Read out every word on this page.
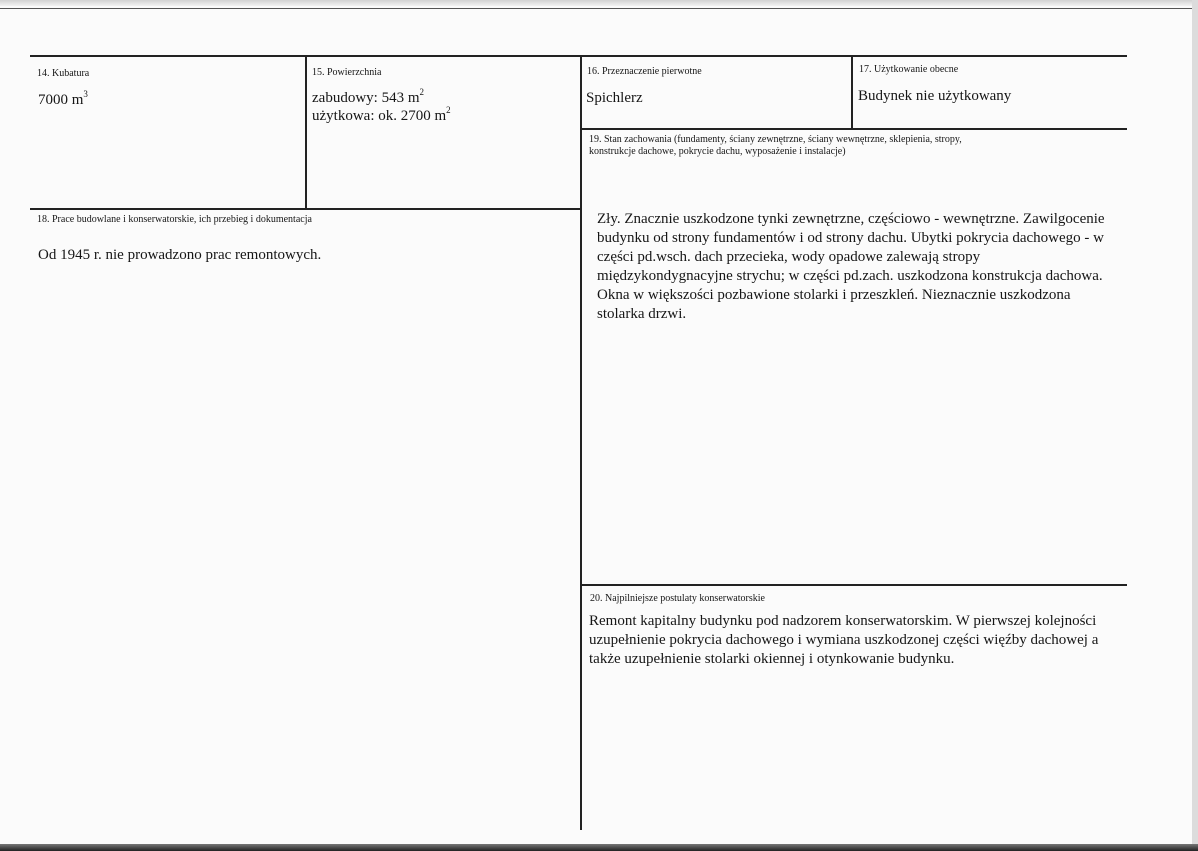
14. Kubatura
7000 $m^3$
15. Powierzchnia
zabudowy: 543 $m^2$
użytkowa: ok. 2700 $m^2$
16. Przeznaczenie pierwotne
Spichlerz
17. Użytkowanie obecne
Budynek nie użytkowany
18. Prace budowlane i konserwatorskie, ich przebieg i dokumentacja
Od 1945 r. nie prowadzono prac remontowych.
19. Stan zachowania (fundamenty, ściany zewnętrzne, ściany wewnętrzne, sklepienia, stropy,
konstrukcje dachowe, pokrycie dachu, wyposażenie i instalacje)
Zły. Znacznie uszkodzone tynki zewnętrzne, częściowo - wewnętrzne. Zawilgocenie
budynku od strony fundamentów i od strony dachu. Ubytki pokrycia dachowego - w
części pd.wsch. dach przecieka, wody opadowe zalewają stropy
międzykondygnacyjne strychu; w części pd.zach. uszkodzona konstrukcja dachowa.
Okna w większości pozbawione stolarki i przeszkleń. Nieznacznie uszkodzona
stolarka drzwi.
20. Najpilniejsze postulaty konserwatorskie
Remont kapitalny budynku pod nadzorem konserwatorskim. W pierwszej kolejności
uzupełnienie pokrycia dachowego i wymiana uszkodzonej części więźby dachowej a
także uzupełnienie stolarki okiennej i otynkowanie budynku.
